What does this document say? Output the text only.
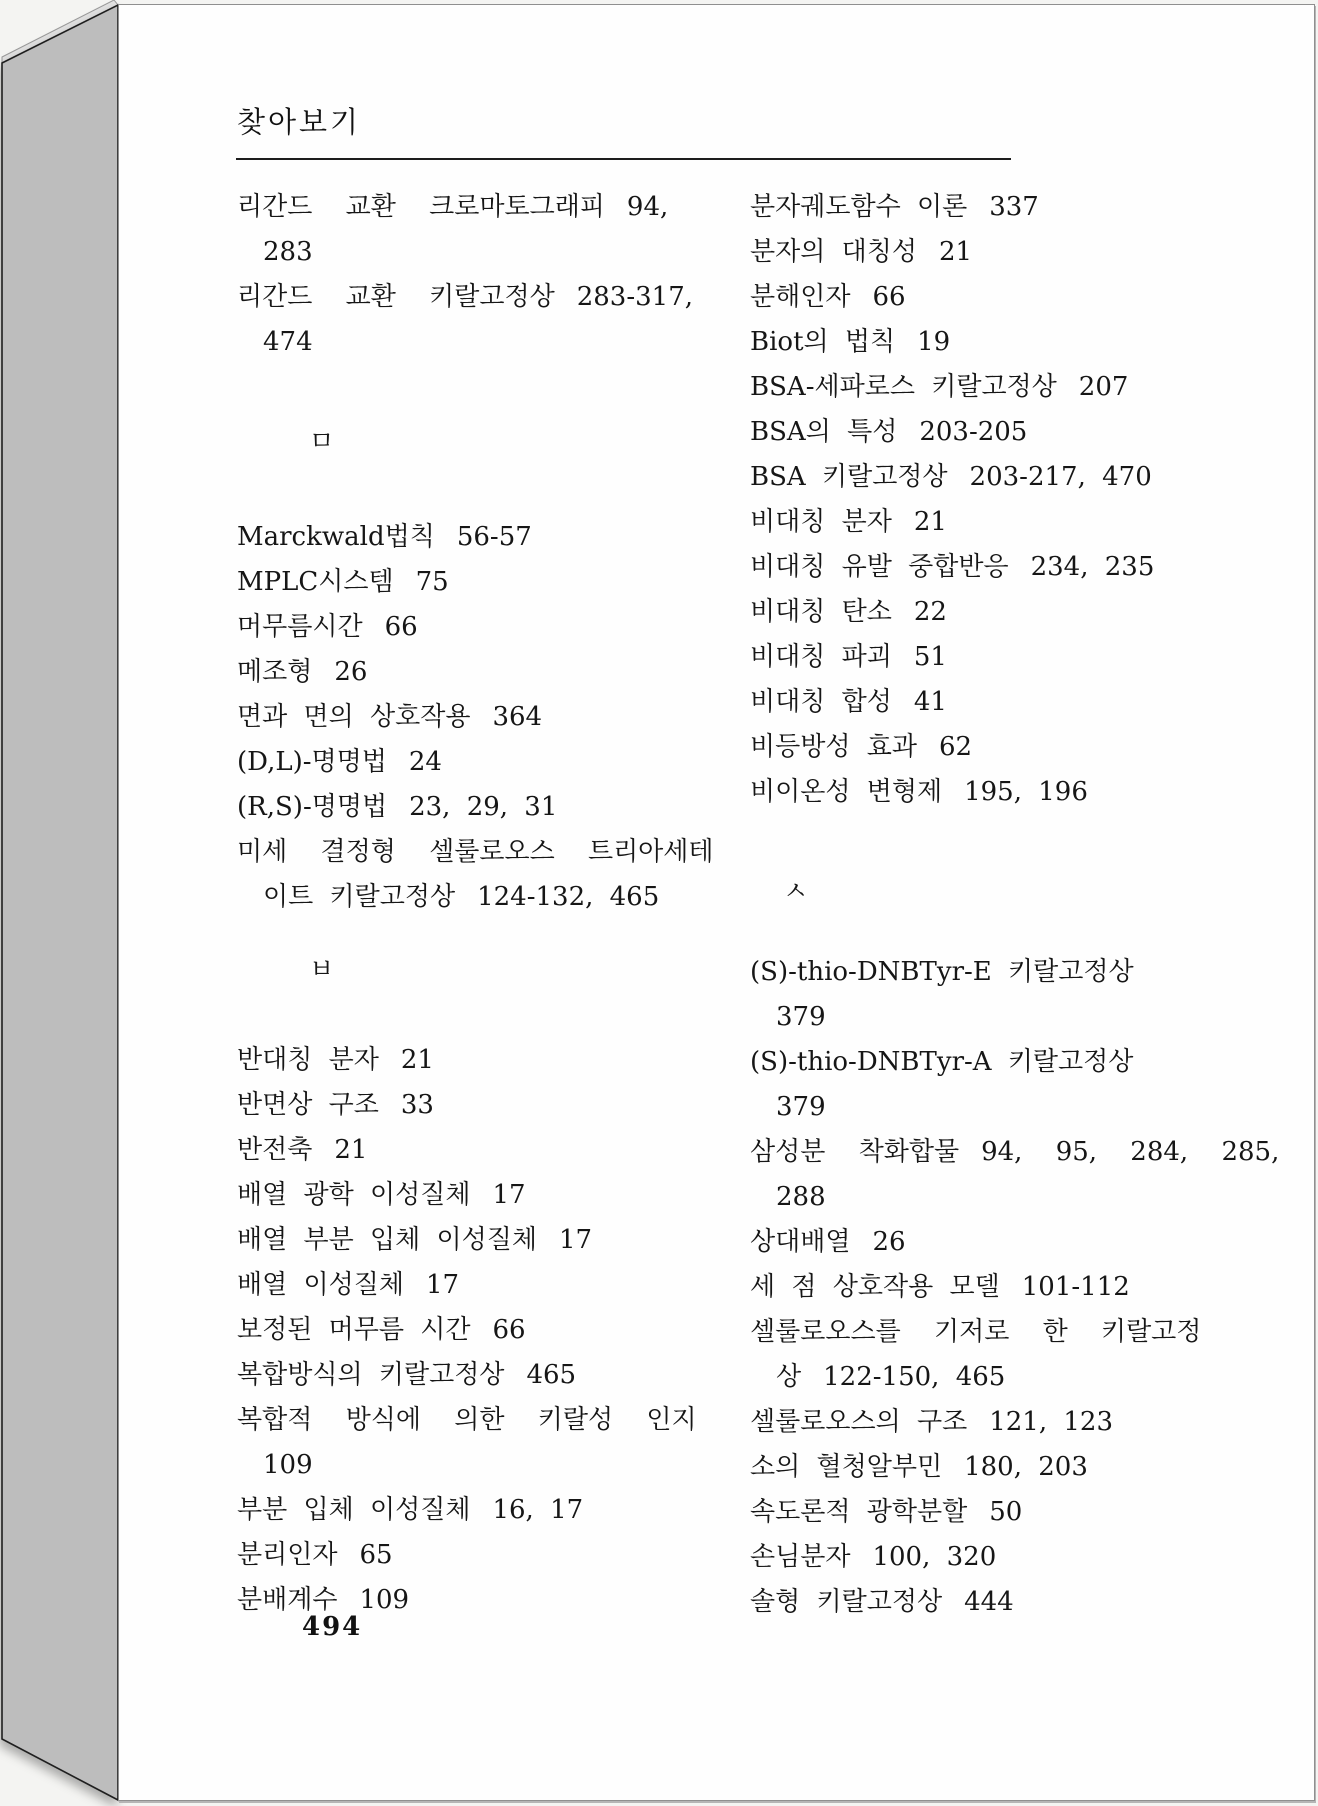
찾아보기
리간드 교환 크로마토그래피 94,
283
리간드 교환 키랄고정상 283-317,
474
ㅁ
Marckwald법칙 56-57
MPLC시스템 75
머무름시간 66
메조형 26
면과 면의 상호작용 364
(D,L)-명명법 24
(R,S)-명명법 23, 29, 31
미세 결정형 셀룰로오스 트리아세테
이트 키랄고정상 124-132, 465
ㅂ
반대칭 분자 21
반면상 구조 33
반전축 21
배열 광학 이성질체 17
배열 부분 입체 이성질체 17
배열 이성질체 17
보정된 머무름 시간 66
복합방식의 키랄고정상 465
복합적 방식에 의한 키랄성 인지
109
부분 입체 이성질체 16, 17
분리인자 65
분배계수 109
분자궤도함수 이론 337
분자의 대칭성 21
분해인자 66
Biot의 법칙 19
BSA-세파로스 키랄고정상 207
BSA의 특성 203-205
BSA 키랄고정상 203-217, 470
비대칭 분자 21
비대칭 유발 중합반응 234, 235
비대칭 탄소 22
비대칭 파괴 51
비대칭 합성 41
비등방성 효과 62
비이온성 변형제 195, 196
ㅅ
(S)-thio-DNBTyr-E 키랄고정상
379
(S)-thio-DNBTyr-A 키랄고정상
379
삼성분 착화합물 94, 95, 284, 285,
288
상대배열 26
세 점 상호작용 모델 101-112
셀룰로오스를 기저로 한 키랄고정
상 122-150, 465
셀룰로오스의 구조 121, 123
소의 혈청알부민 180, 203
속도론적 광학분할 50
손님분자 100, 320
솔형 키랄고정상 444
494
